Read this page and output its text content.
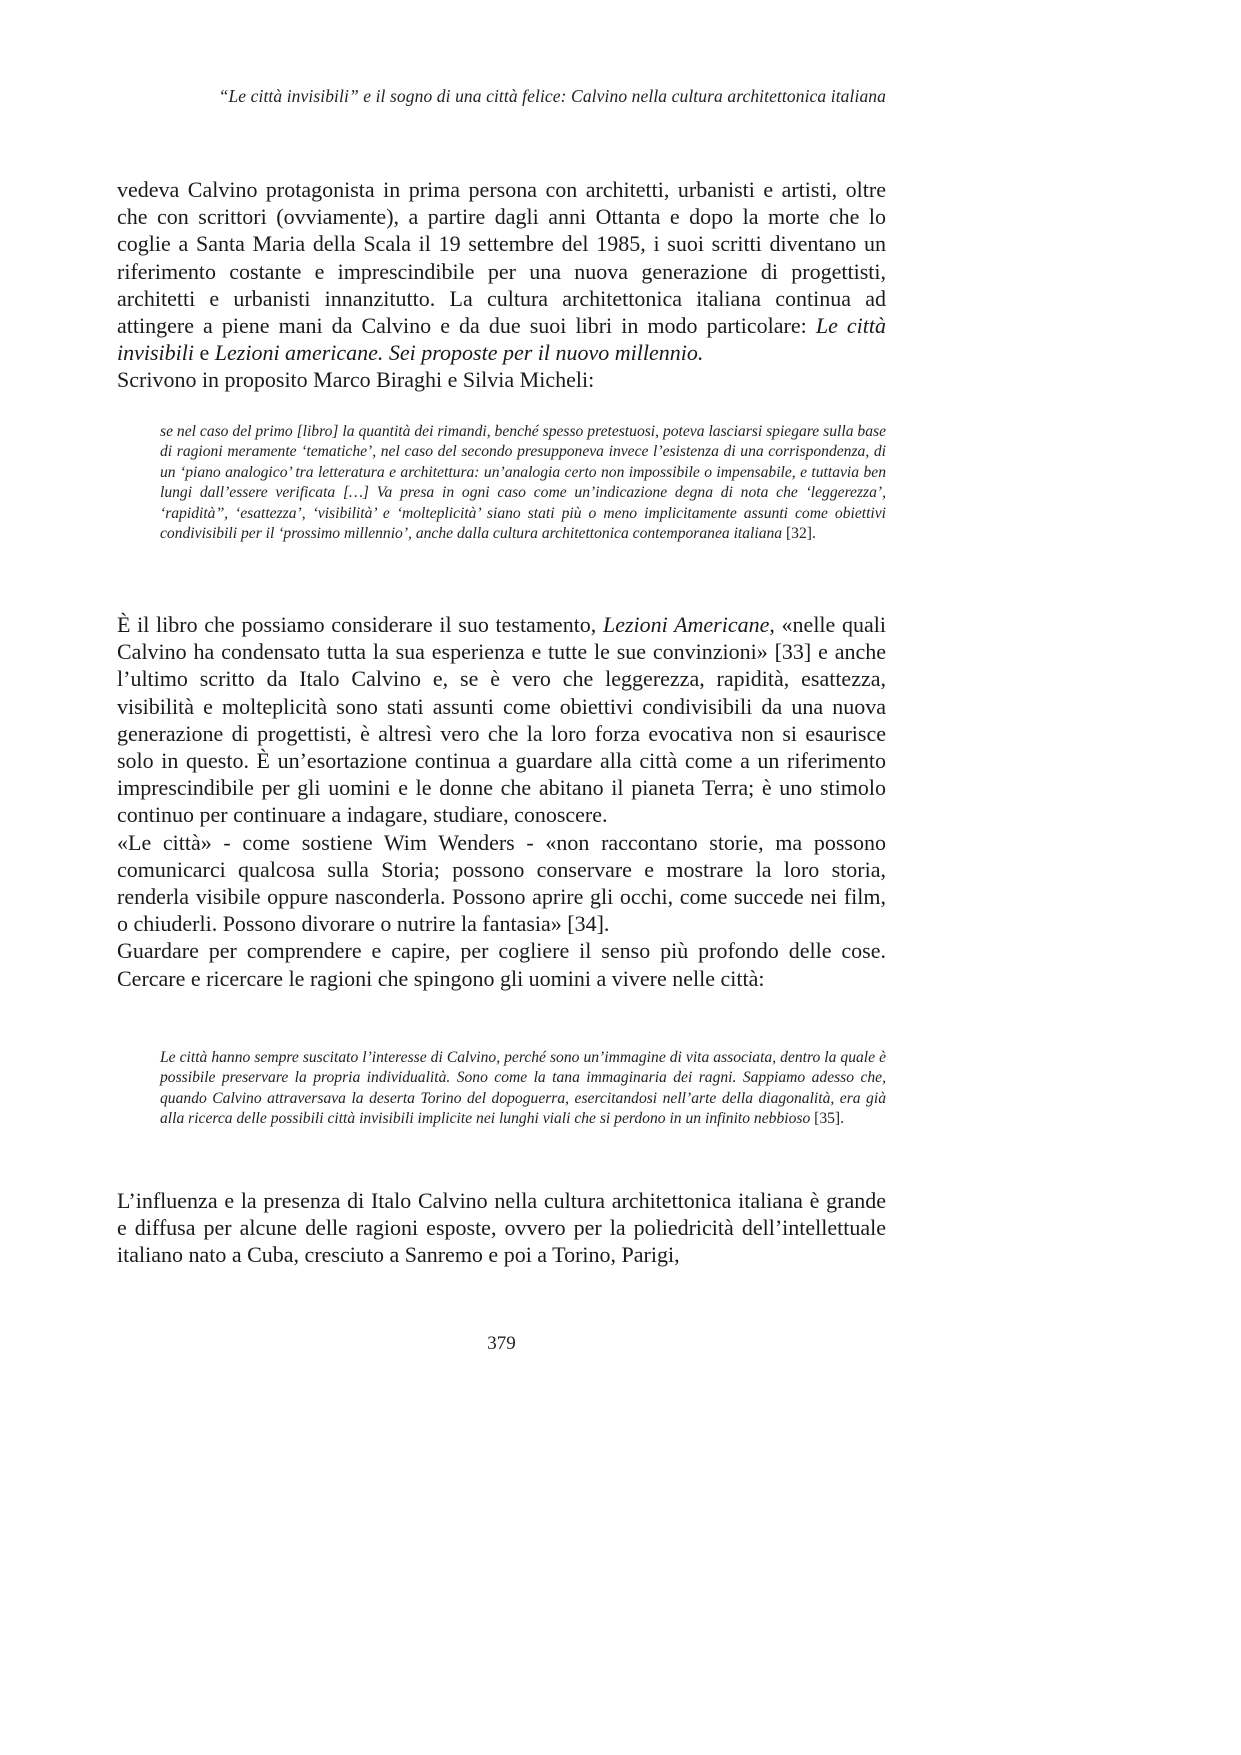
“Le città invisibili” e il sogno di una città felice: Calvino nella cultura architettonica italiana

vedeva Calvino protagonista in prima persona con architetti, urbanisti e artisti, oltre che con scrittori (ovviamente), a partire dagli anni Ottanta e dopo la morte che lo coglie a Santa Maria della Scala il 19 settembre del 1985, i suoi scritti diventano un riferimento costante e imprescindibile per una nuova generazione di progettisti, architetti e urbanisti innanzitutto. La cultura architettonica italiana continua ad attingere a piene mani da Calvino e da due suoi libri in modo particolare: Le città invisibili e Lezioni americane. Sei proposte per il nuovo millennio.

Scrivono in proposito Marco Biraghi e Silvia Micheli:

se nel caso del primo [libro] la quantità dei rimandi, benché spesso pretestuosi, poteva lasciarsi spiegare sulla base di ragioni meramente ‘tematiche’, nel caso del secondo presupponeva invece l’esistenza di una corrispondenza, di un ‘piano analogico’ tra letteratura e architettura: un’analogia certo non impossibile o impensabile, e tuttavia ben lungi dall’essere verificata […] Va presa in ogni caso come un’indicazione degna di nota che ‘leggerezza’, ‘rapidità’’, ‘esattezza’, ‘visibilità’ e ‘molteplicità’ siano stati più o meno implicitamente assunti come obiettivi condivisibili per il ‘prossimo millennio’, anche dalla cultura architettonica contemporanea italiana [32].

È il libro che possiamo considerare il suo testamento, Lezioni Americane, «nelle quali Calvino ha condensato tutta la sua esperienza e tutte le sue convinzioni» [33] e anche l’ultimo scritto da Italo Calvino e, se è vero che leggerezza, rapidità, esattezza, visibilità e molteplicità sono stati assunti come obiettivi condivisibili da una nuova generazione di progettisti, è altresì vero che la loro forza evocativa non si esaurisce solo in questo. È un’esortazione continua a guardare alla città come a un riferimento imprescindibile per gli uomini e le donne che abitano il pianeta Terra; è uno stimolo continuo per continuare a indagare, studiare, conoscere.

«Le città» - come sostiene Wim Wenders - «non raccontano storie, ma possono comunicarci qualcosa sulla Storia; possono conservare e mostrare la loro storia, renderla visibile oppure nasconderla. Possono aprire gli occhi, come succede nei film, o chiuderli. Possono divorare o nutrire la fantasia» [34].

Guardare per comprendere e capire, per cogliere il senso più profondo delle cose. Cercare e ricercare le ragioni che spingono gli uomini a vivere nelle città:

Le città hanno sempre suscitato l’interesse di Calvino, perché sono un’immagine di vita associata, dentro la quale è possibile preservare la propria individualità. Sono come la tana immaginaria dei ragni. Sappiamo adesso che, quando Calvino attraversava la deserta Torino del dopoguerra, esercitandosi nell’arte della diagonalità, era già alla ricerca delle possibili città invisibili implicite nei lunghi viali che si perdono in un infinito nebbioso [35].

L’influenza e la presenza di Italo Calvino nella cultura architettonica italiana è grande e diffusa per alcune delle ragioni esposte, ovvero per la poliedricità dell’intellettuale italiano nato a Cuba, cresciuto a Sanremo e poi a Torino, Parigi,

379
